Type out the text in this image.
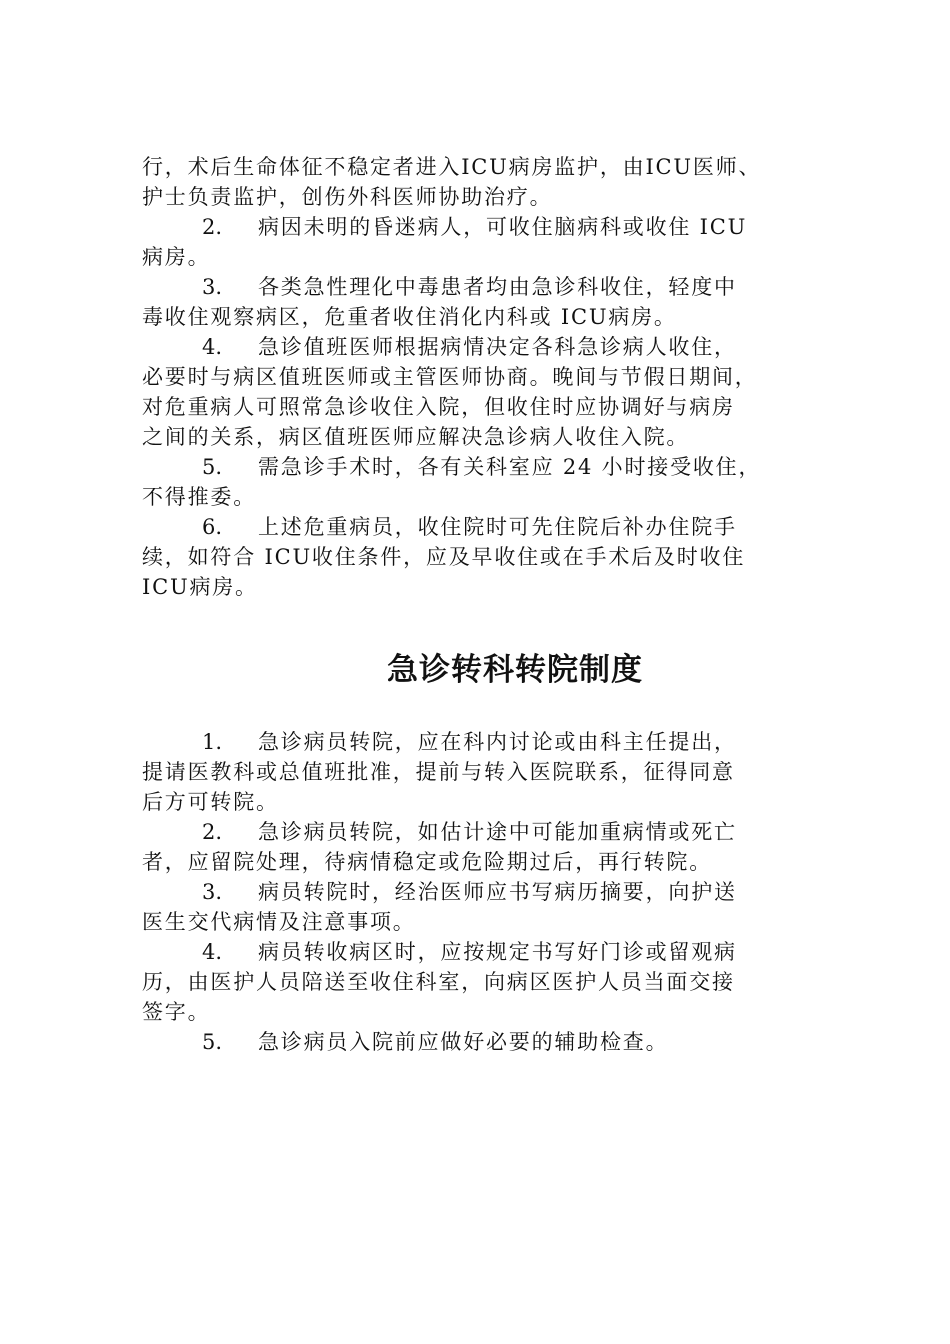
行，术后生命体征不稳定者进入ICU病房监护，由ICU医师、
护士负责监护，创伤外科医师协助治疗。
2. 病因未明的昏迷病人，可收住脑病科或收住 ICU
病房。
3. 各类急性理化中毒患者均由急诊科收住，轻度中
毒收住观察病区，危重者收住消化内科或 ICU病房。
4. 急诊值班医师根据病情决定各科急诊病人收住，
必要时与病区值班医师或主管医师协商。晚间与节假日期间，
对危重病人可照常急诊收住入院，但收住时应协调好与病房
之间的关系，病区值班医师应解决急诊病人收住入院。
5. 需急诊手术时，各有关科室应 24 小时接受收住，
不得推委。
6. 上述危重病员，收住院时可先住院后补办住院手
续，如符合 ICU收住条件，应及早收住或在手术后及时收住
ICU病房。
急诊转科转院制度
1. 急诊病员转院，应在科内讨论或由科主任提出，
提请医教科或总值班批准，提前与转入医院联系，征得同意
后方可转院。
2. 急诊病员转院，如估计途中可能加重病情或死亡
者，应留院处理，待病情稳定或危险期过后，再行转院。
3. 病员转院时，经治医师应书写病历摘要，向护送
医生交代病情及注意事项。
4. 病员转收病区时，应按规定书写好门诊或留观病
历，由医护人员陪送至收住科室，向病区医护人员当面交接
签字。
5. 急诊病员入院前应做好必要的辅助检查。
